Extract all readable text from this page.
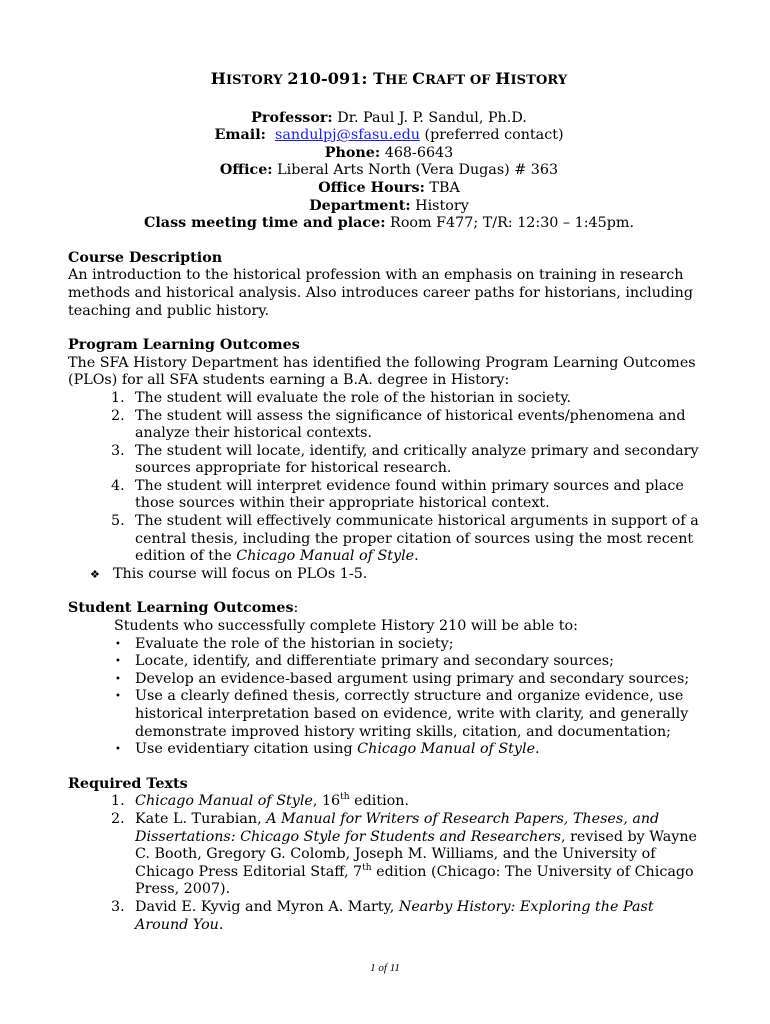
HISTORY 210-091: THE CRAFT OF HISTORY
Professor: Dr. Paul J. P. Sandul, Ph.D.
Email: sandulpj@sfasu.edu (preferred contact)
Phone: 468-6643
Office: Liberal Arts North (Vera Dugas) # 363
Office Hours: TBA
Department: History
Class meeting time and place: Room F477; T/R: 12:30 – 1:45pm.
Course Description
An introduction to the historical profession with an emphasis on training in research methods and historical analysis. Also introduces career paths for historians, including teaching and public history.
Program Learning Outcomes
The SFA History Department has identified the following Program Learning Outcomes (PLOs) for all SFA students earning a B.A. degree in History:
1. The student will evaluate the role of the historian in society.
2. The student will assess the significance of historical events/phenomena and analyze their historical contexts.
3. The student will locate, identify, and critically analyze primary and secondary sources appropriate for historical research.
4. The student will interpret evidence found within primary sources and place those sources within their appropriate historical context.
5. The student will effectively communicate historical arguments in support of a central thesis, including the proper citation of sources using the most recent edition of the Chicago Manual of Style.
❖ This course will focus on PLOs 1-5.
Student Learning Outcomes:
Students who successfully complete History 210 will be able to:
• Evaluate the role of the historian in society;
• Locate, identify, and differentiate primary and secondary sources;
• Develop an evidence-based argument using primary and secondary sources;
• Use a clearly defined thesis, correctly structure and organize evidence, use historical interpretation based on evidence, write with clarity, and generally demonstrate improved history writing skills, citation, and documentation;
• Use evidentiary citation using Chicago Manual of Style.
Required Texts
1. Chicago Manual of Style, 16th edition.
2. Kate L. Turabian, A Manual for Writers of Research Papers, Theses, and Dissertations: Chicago Style for Students and Researchers, revised by Wayne C. Booth, Gregory G. Colomb, Joseph M. Williams, and the University of Chicago Press Editorial Staff, 7th edition (Chicago: The University of Chicago Press, 2007).
3. David E. Kyvig and Myron A. Marty, Nearby History: Exploring the Past Around You.
1 of 11
